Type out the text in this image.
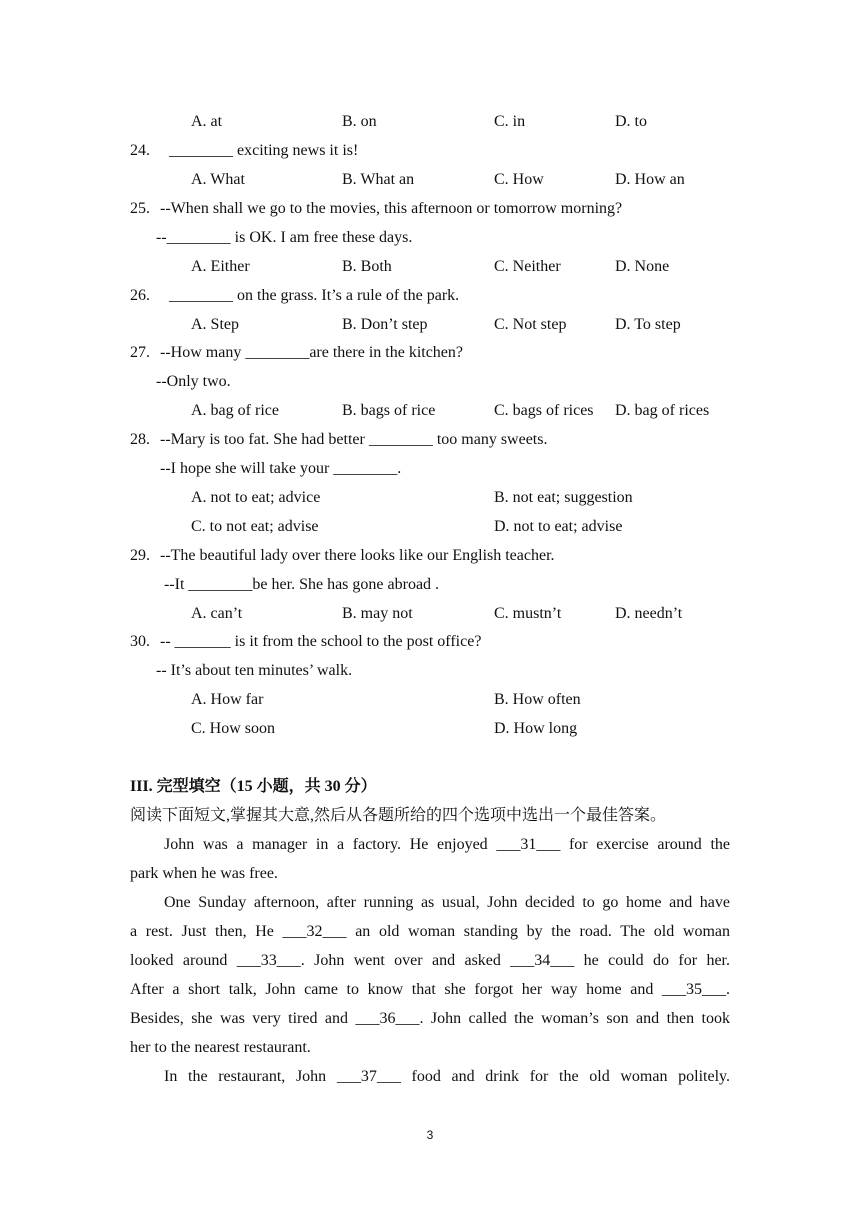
A. at	B. on	C. in	D. to
24. ________ exciting news it is!
A. What	B. What an	C. How	D. How an
25. --When shall we go to the movies, this afternoon or tomorrow morning?
--________ is OK. I am free these days.
A. Either	B. Both	C. Neither	D. None
26. ________ on the grass. It’s a rule of the park.
A. Step	B. Don’t step	C. Not step	D. To step
27. --How many ________are there in the kitchen?
--Only two.
A. bag of rice	B. bags of rice	C. bags of rices D. bag of rices
28. --Mary is too fat. She had better ________ too many sweets.
--I hope she will take your ________.
A. not to eat; advice	B. not eat; suggestion
C. to not eat; advise	D. not to eat; advise
29. --The beautiful lady over there looks like our English teacher.
--It ________be her. She has gone abroad .
A. can’t	B. may not	C. mustn’t	D. needn’t
30. -- _______ is it from the school to the post office?
-- It’s about ten minutes’ walk.
A. How far	B. How often
C. How soon	D. How long
III. 完型填空（15 小题，共 30 分）
阅读下面短文,掌握其大意,然后从各题所给的四个选项中选出一个最佳答案。
John was a manager in a factory. He enjoyed ___31___ for exercise around the
park when he was free.
One Sunday afternoon, after running as usual, John decided to go home and have
a rest. Just then, He ___32___ an old woman standing by the road. The old woman
looked around ___33___. John went over and asked ___34___ he could do for her.
After a short talk, John came to know that she forgot her way home and ___35___.
Besides, she was very tired and ___36___. John called the woman’s son and then took
her to the nearest restaurant.
In the restaurant, John ___37___ food and drink for the old woman politely.
3
